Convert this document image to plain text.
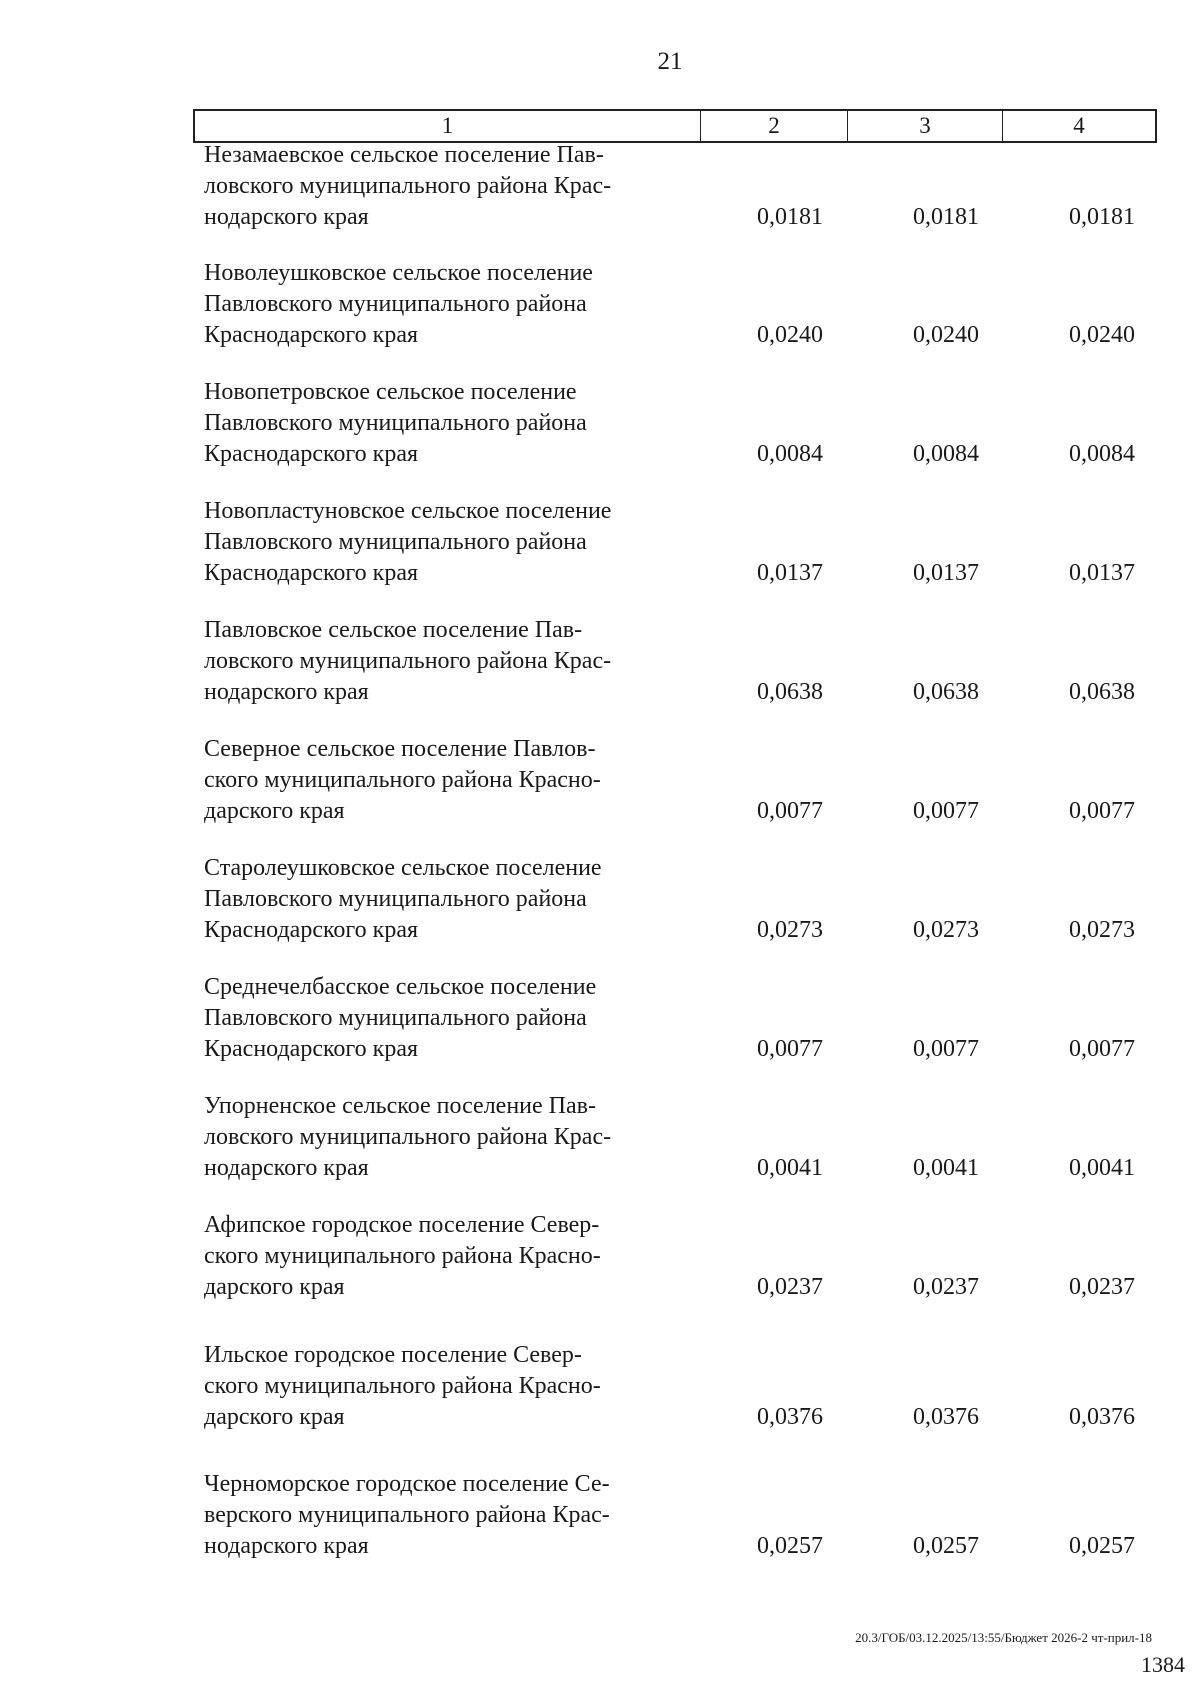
21
1	2	3	4
Незамаевское сельское поселение Пав-
ловского муниципального района Крас-
нодарского края	0,0181	0,0181	0,0181
Новолеушковское сельское поселение
Павловского муниципального района
Краснодарского края	0,0240	0,0240	0,0240
Новопетровское сельское поселение
Павловского муниципального района
Краснодарского края	0,0084	0,0084	0,0084
Новопластуновское сельское поселение
Павловского муниципального района
Краснодарского края	0,0137	0,0137	0,0137
Павловское сельское поселение Пав-
ловского муниципального района Крас-
нодарского края	0,0638	0,0638	0,0638
Северное сельское поселение Павлов-
ского муниципального района Красно-
дарского края	0,0077	0,0077	0,0077
Старолеушковское сельское поселение
Павловского муниципального района
Краснодарского края	0,0273	0,0273	0,0273
Среднечелбасское сельское поселение
Павловского муниципального района
Краснодарского края	0,0077	0,0077	0,0077
Упорненское сельское поселение Пав-
ловского муниципального района Крас-
нодарского края	0,0041	0,0041	0,0041
Афипское городское поселение Север-
ского муниципального района Красно-
дарского края	0,0237	0,0237	0,0237
Ильское городское поселение Север-
ского муниципального района Красно-
дарского края	0,0376	0,0376	0,0376
Черноморское городское поселение Се-
верского муниципального района Крас-
нодарского края	0,0257	0,0257	0,0257
20.3/ГОБ/03.12.2025/13:55/Бюджет 2026-2 чт-прил-18
1384
